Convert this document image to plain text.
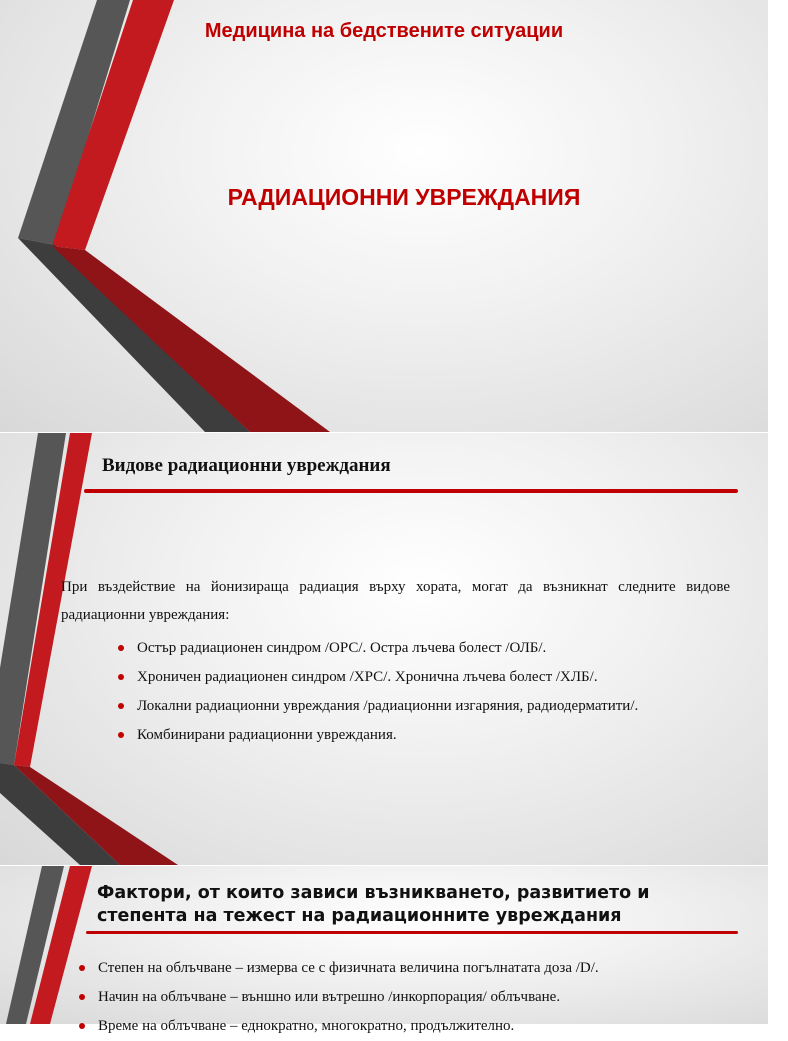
Медицина на бедствените ситуации
РАДИАЦИОННИ УВРЕЖДАНИЯ
Видове радиационни увреждания
При въздействие на йонизираща радиация върху хората, могат да възникнат следните видове радиационни увреждания:
Остър радиационен синдром /ОРС/. Остра лъчева болест /ОЛБ/.
Хроничен радиационен синдром /ХРС/. Хронична лъчева болест /ХЛБ/.
Локални радиационни увреждания /радиационни изгаряния, радиодерматити/.
Комбинирани радиационни увреждания.
Фактори, от които зависи възникването, развитието и
степента на тежест на радиационните увреждания
Степен на облъчване – измерва се с физичната величина погълнатата доза /D/.
Начин на облъчване – външно или вътрешно /инкорпорация/ облъчване.
Време на облъчване – еднократно, многократно, продължително.
